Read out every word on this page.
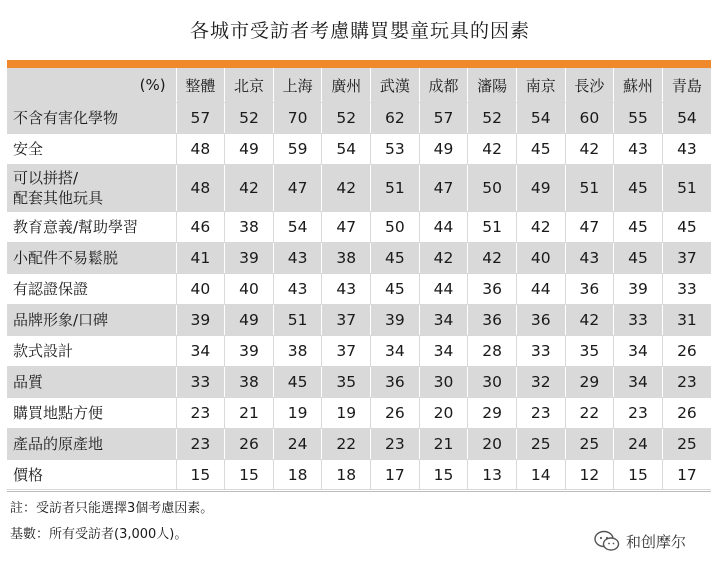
各城市受訪者考慮購買嬰童玩具的因素
(%)	整體	北京	上海	廣州	武漢	成都	瀋陽	南京	長沙	蘇州	青島
不含有害化學物	57	52	70	52	62	57	52	54	60	55	54
安全	48	49	59	54	53	49	42	45	42	43	43
可以拼搭/
配套其他玩具	48	42	47	42	51	47	50	49	51	45	51
教育意義/幫助學習	46	38	54	47	50	44	51	42	47	45	45
小配件不易鬆脱	41	39	43	38	45	42	42	40	43	45	37
有認證保證	40	40	43	43	45	44	36	44	36	39	33
品牌形象/口碑	39	49	51	37	39	34	36	36	42	33	31
款式設計	34	39	38	37	34	34	28	33	35	34	26
品質	33	38	45	35	36	30	30	32	29	34	23
購買地點方便	23	21	19	19	26	20	29	23	22	23	26
產品的原產地	23	26	24	22	23	21	20	25	25	24	25
價格	15	15	18	18	17	15	13	14	12	15	17
註：受訪者只能選擇3個考慮因素。
基數：所有受訪者(3,000人)。	和创摩尔
